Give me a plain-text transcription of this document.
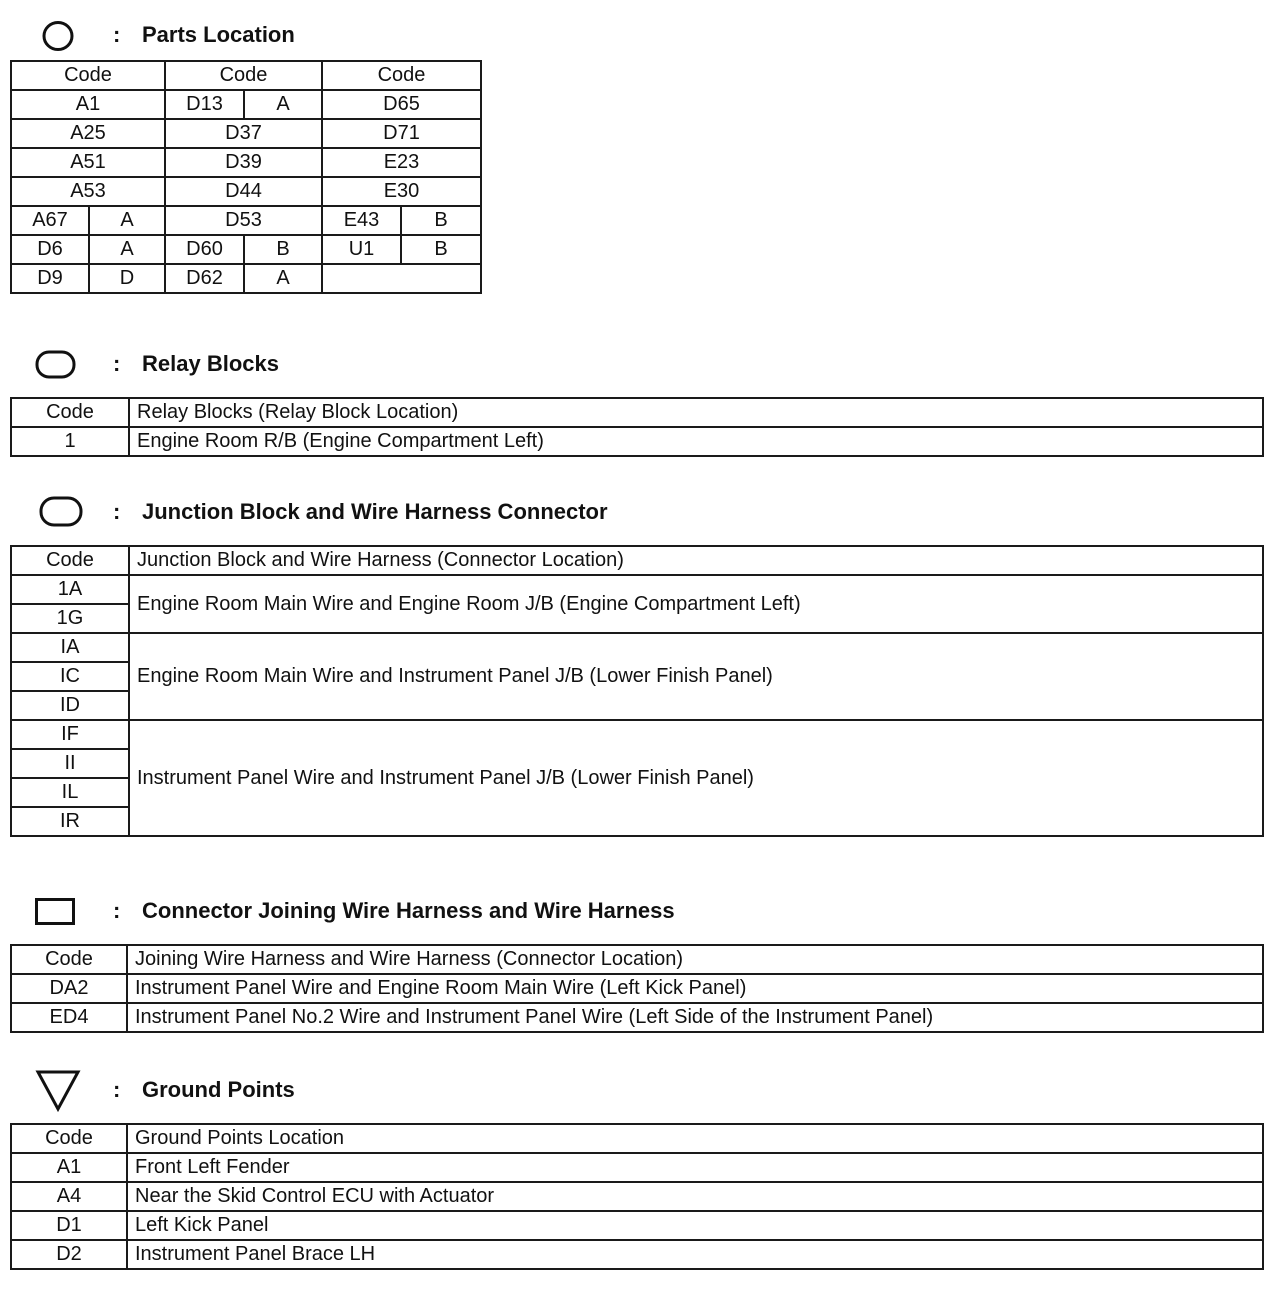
: Parts Location
Code		Code		Code	
A1		D13	A	D65	
A25		D37		D71	
A51		D39		E23	
A53		D44		E30	
A67	A	D53		E43	B
D6	A	D60	B	U1	B
D9	D	D62	A		
: Relay Blocks
Code	Relay Blocks (Relay Block Location)
1	Engine Room R/B (Engine Compartment Left)
: Junction Block and Wire Harness Connector
Code	Junction Block and Wire Harness (Connector Location)
1A	Engine Room Main Wire and Engine Room J/B (Engine Compartment Left)
1G	
IA	Engine Room Main Wire and Instrument Panel J/B (Lower Finish Panel)
IC	
ID	
IF	Instrument Panel Wire and Instrument Panel J/B (Lower Finish Panel)
II	
IL	
IR	
: Connector Joining Wire Harness and Wire Harness
Code	Joining Wire Harness and Wire Harness (Connector Location)
DA2	Instrument Panel Wire and Engine Room Main Wire (Left Kick Panel)
ED4	Instrument Panel No.2 Wire and Instrument Panel Wire (Left Side of the Instrument Panel)
: Ground Points
Code	Ground Points Location
A1	Front Left Fender
A4	Near the Skid Control ECU with Actuator
D1	Left Kick Panel
D2	Instrument Panel Brace LH
